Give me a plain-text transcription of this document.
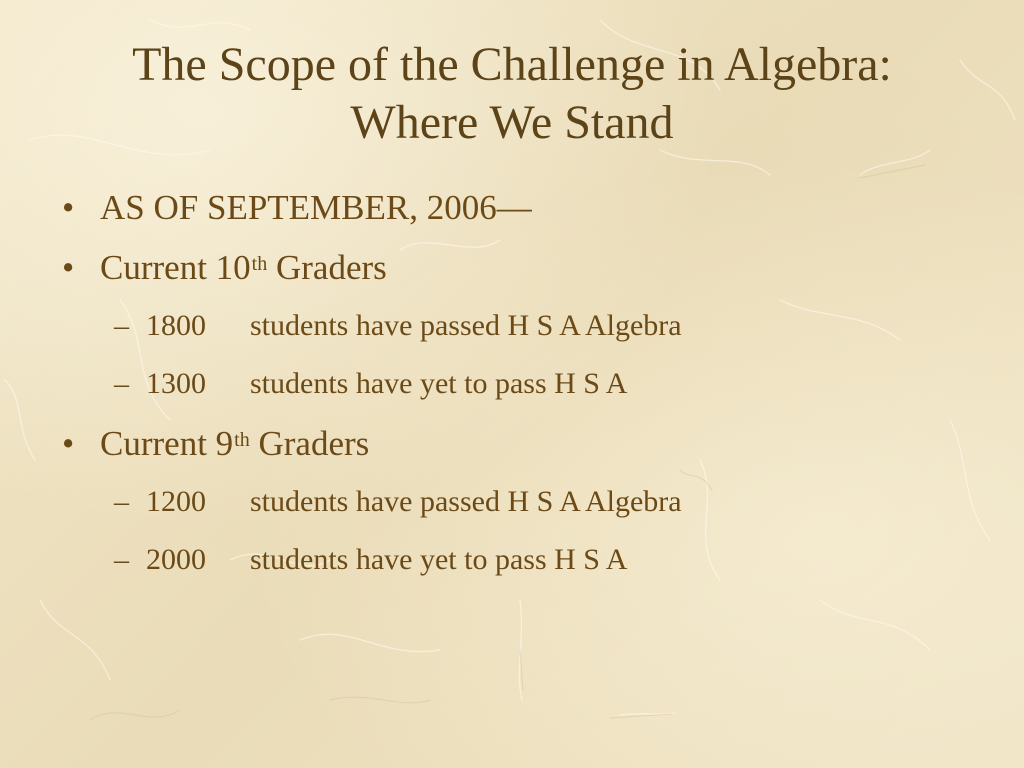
The Scope of the Challenge in Algebra:
Where We Stand
• AS OF SEPTEMBER, 2006—
• Current 10th Graders
– 1800 students have passed H S A Algebra
– 1300 students have yet to pass H S A
• Current 9th Graders
– 1200 students have passed H S A Algebra
– 2000 students have yet to pass H S A
